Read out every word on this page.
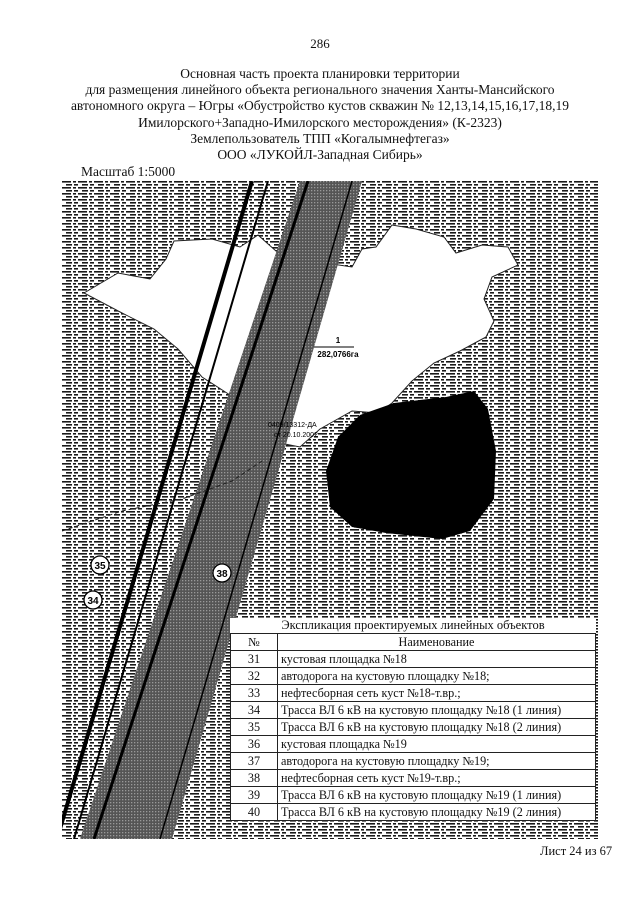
286
Основная часть проекта планировки территории
для размещения линейного объекта регионального значения Ханты-Мансийского
автономного округа – Югры «Обустройство кустов скважин № 12,13,14,15,16,17,18,19
Имилорского+Западно-Имилорского месторождения» (К-2323)
Землепользователь ТПП «Когалымнефтегаз»
ООО «ЛУКОЙЛ-Западная Сибирь»
Масштаб 1:5000
1
282,0766га
0409/13312-ДА
от 20.10.2002
35
34
38
Экспликация проектируемых линейных объектов
№	Наименование
31	кустовая площадка №18
32	автодорога на кустовую площадку №18;
33	нефтесборная сеть куст №18-т.вр.;
34	Трасса ВЛ 6 кВ на кустовую площадку №18 (1 линия)
35	Трасса ВЛ 6 кВ на кустовую площадку №18 (2 линия)
36	кустовая площадка №19
37	автодорога на кустовую площадку №19;
38	нефтесборная сеть куст №19-т.вр.;
39	Трасса ВЛ 6 кВ на кустовую площадку №19 (1 линия)
40	Трасса ВЛ 6 кВ на кустовую площадку №19 (2 линия)
Лист 24 из 67
